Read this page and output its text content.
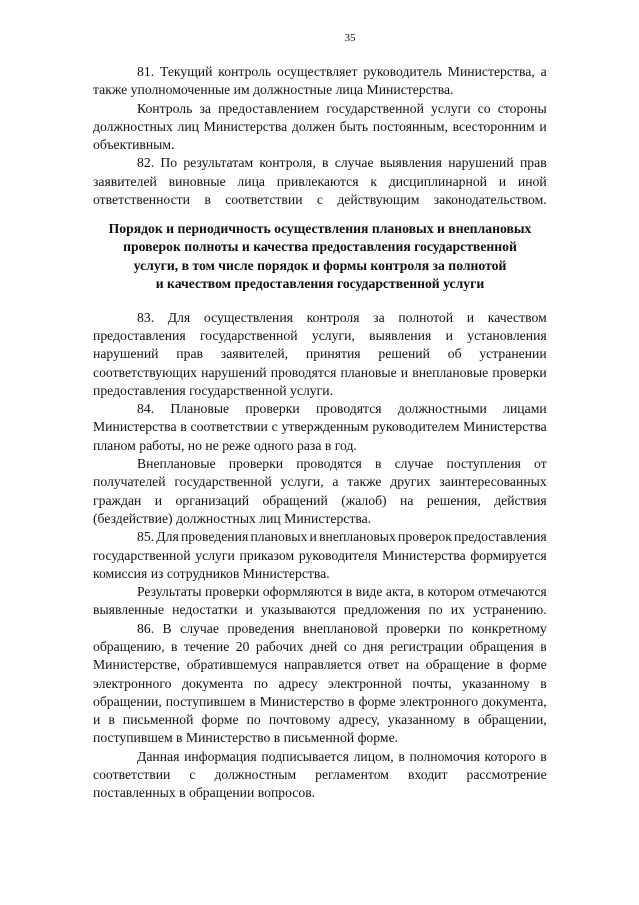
35
81. Текущий контроль осуществляет руководитель Министерства, а
также уполномоченные им должностные лица Министерства.
Контроль за предоставлением государственной услуги со стороны
должностных лиц Министерства должен быть постоянным, всесторонним и
объективным.
82. По результатам контроля, в случае выявления нарушений прав
заявителей виновные лица привлекаются к дисциплинарной и иной
ответственности в соответствии с действующим законодательством.
Порядок и периодичность осуществления плановых и внеплановых
проверок полноты и качества предоставления государственной
услуги, в том числе порядок и формы контроля за полнотой
и качеством предоставления государственной услуги
83. Для осуществления контроля за полнотой и качеством
предоставления государственной услуги, выявления и установления
нарушений прав заявителей, принятия решений об устранении
соответствующих нарушений проводятся плановые и внеплановые проверки
предоставления государственной услуги.
84. Плановые проверки проводятся должностными лицами
Министерства в соответствии с утвержденным руководителем Министерства
планом работы, но не реже одного раза в год.
Внеплановые проверки проводятся в случае поступления от
получателей государственной услуги, а также других заинтересованных
граждан и организаций обращений (жалоб) на решения, действия
(бездействие) должностных лиц Министерства.
85. Для проведения плановых и внеплановых проверок предоставления
государственной услуги приказом руководителя Министерства формируется
комиссия из сотрудников Министерства.
Результаты проверки оформляются в виде акта, в котором отмечаются
выявленные недостатки и указываются предложения по их устранению.
86. В случае проведения внеплановой проверки по конкретному
обращению, в течение 20 рабочих дней со дня регистрации обращения в
Министерстве, обратившемуся направляется ответ на обращение в форме
электронного документа по адресу электронной почты, указанному в
обращении, поступившем в Министерство в форме электронного документа,
и в письменной форме по почтовому адресу, указанному в обращении,
поступившем в Министерство в письменной форме.
Данная информация подписывается лицом, в полномочия которого в
соответствии с должностным регламентом входит рассмотрение
поставленных в обращении вопросов.
